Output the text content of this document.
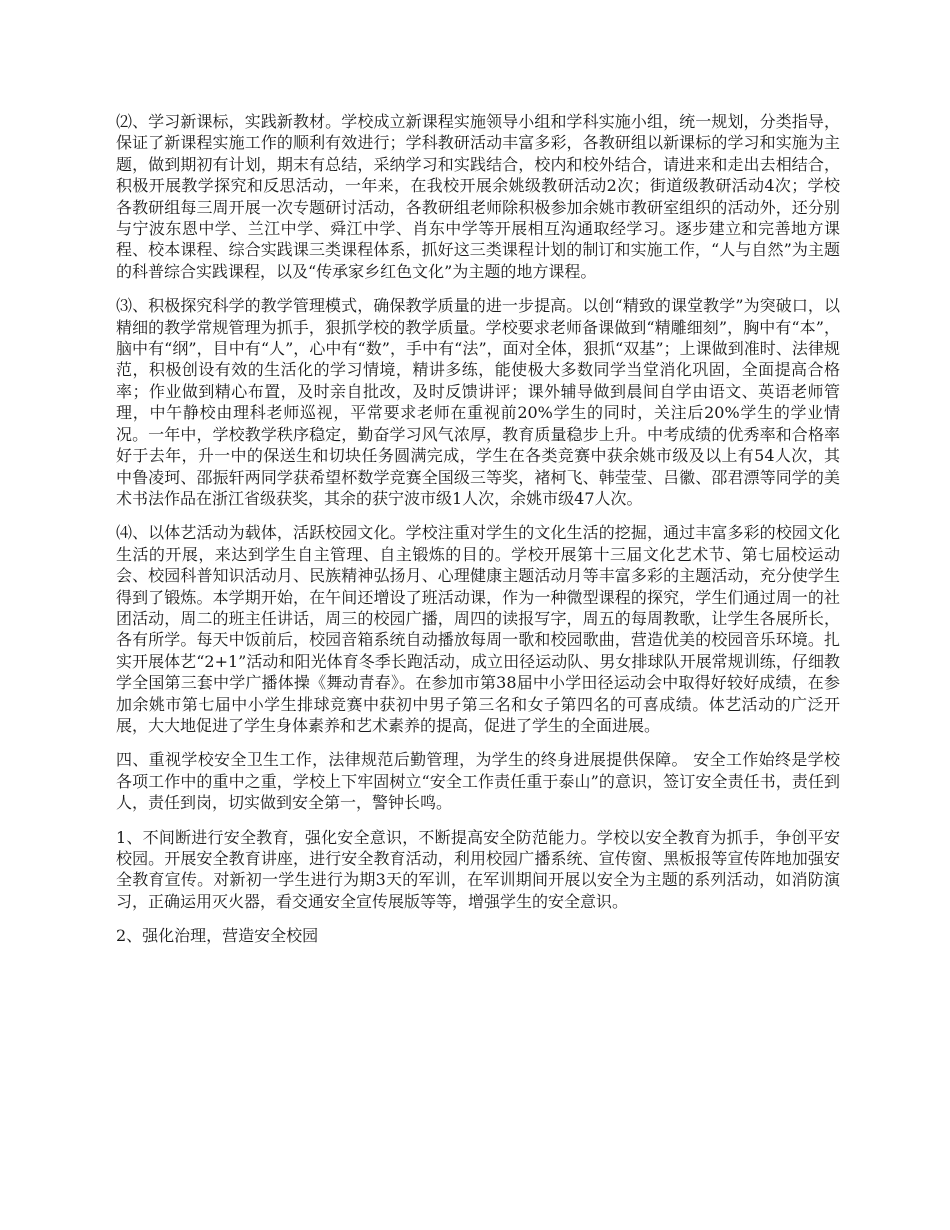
⑵、学习新课标，实践新教材。学校成立新课程实施领导小组和学科实施小组，统一规划，分类指导，保证了新课程实施工作的顺利有效进行；学科教研活动丰富多彩，各教研组以新课标的学习和实施为主题，做到期初有计划，期末有总结，采纳学习和实践结合，校内和校外结合，请进来和走出去相结合，积极开展教学探究和反思活动，一年来，在我校开展余姚级教研活动2次；街道级教研活动4次；学校各教研组每三周开展一次专题研讨活动，各教研组老师除积极参加余姚市教研室组织的活动外，还分别与宁波东恩中学、兰江中学、舜江中学、肖东中学等开展相互沟通取经学习。逐步建立和完善地方课程、校本课程、综合实践课三类课程体系，抓好这三类课程计划的制订和实施工作，“人与自然”为主题的科普综合实践课程，以及“传承家乡红色文化”为主题的地方课程。

⑶、积极探究科学的教学管理模式，确保教学质量的进一步提高。以创“精致的课堂教学”为突破口，以精细的教学常规管理为抓手，狠抓学校的教学质量。学校要求老师备课做到“精雕细刻”，胸中有“本”，脑中有“纲”，目中有“人”，心中有“数”，手中有“法”，面对全体，狠抓“双基”；上课做到准时、法律规范，积极创设有效的生活化的学习情境，精讲多练，能使极大多数同学当堂消化巩固，全面提高合格率；作业做到精心布置，及时亲自批改，及时反馈讲评；课外辅导做到晨间自学由语文、英语老师管理，中午静校由理科老师巡视，平常要求老师在重视前20%学生的同时，关注后20%学生的学业情况。一年中，学校教学秩序稳定，勤奋学习风气浓厚，教育质量稳步上升。中考成绩的优秀率和合格率好于去年，升一中的保送生和切块任务圆满完成，学生在各类竞赛中获余姚市级及以上有54人次，其中鲁凌珂、邵振轩两同学获希望杯数学竞赛全国级三等奖，褚柯飞、韩莹莹、吕徽、邵君漂等同学的美术书法作品在浙江省级获奖，其余的获宁波市级1人次，余姚市级47人次。

⑷、以体艺活动为载体，活跃校园文化。学校注重对学生的文化生活的挖掘，通过丰富多彩的校园文化生活的开展，来达到学生自主管理、自主锻炼的目的。学校开展第十三届文化艺术节、第七届校运动会、校园科普知识活动月、民族精神弘扬月、心理健康主题活动月等丰富多彩的主题活动，充分使学生得到了锻炼。本学期开始，在午间还增设了班活动课，作为一种微型课程的探究，学生们通过周一的社团活动，周二的班主任讲话，周三的校园广播，周四的读报写字，周五的每周教歌，让学生各展所长，各有所学。每天中饭前后，校园音箱系统自动播放每周一歌和校园歌曲，营造优美的校园音乐环境。扎实开展体艺“2+1”活动和阳光体育冬季长跑活动，成立田径运动队、男女排球队开展常规训练，仔细教学全国第三套中学广播体操《舞动青春》。在参加市第38届中小学田径运动会中取得好较好成绩，在参加余姚市第七届中小学生排球竞赛中获初中男子第三名和女子第四名的可喜成绩。体艺活动的广泛开展，大大地促进了学生身体素养和艺术素养的提高，促进了学生的全面进展。

四、重视学校安全卫生工作，法律规范后勤管理，为学生的终身进展提供保障。 安全工作始终是学校各项工作中的重中之重，学校上下牢固树立“安全工作责任重于泰山”的意识，签订安全责任书，责任到人，责任到岗，切实做到安全第一，警钟长鸣。

1、不间断进行安全教育，强化安全意识，不断提高安全防范能力。学校以安全教育为抓手，争创平安校园。开展安全教育讲座，进行安全教育活动，利用校园广播系统、宣传窗、黑板报等宣传阵地加强安全教育宣传。对新初一学生进行为期3天的军训，在军训期间开展以安全为主题的系列活动，如消防演习，正确运用灭火器，看交通安全宣传展版等等，增强学生的安全意识。

2、强化治理，营造安全校园
